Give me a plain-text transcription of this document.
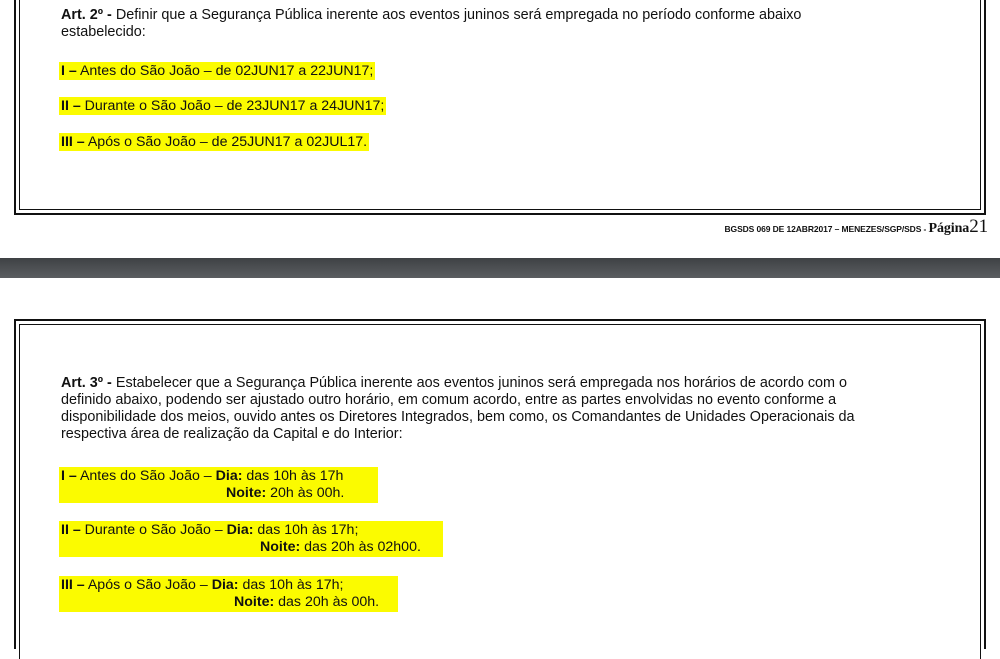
Art. 2º - Definir que a Segurança Pública inerente aos eventos juninos será empregada no período conforme abaixo
estabelecido:
I – Antes do São João – de 02JUN17 a 22JUN17;
II – Durante o São João – de 23JUN17 a 24JUN17;
III – Após o São João – de 25JUN17 a 02JUL17.
BGSDS 069 DE 12ABR2017 – MENEZES/SGP/SDS - Página21
Art. 3º - Estabelecer que a Segurança Pública inerente aos eventos juninos será empregada nos horários de acordo com o
definido abaixo, podendo ser ajustado outro horário, em comum acordo, entre as partes envolvidas no evento conforme a
disponibilidade dos meios, ouvido antes os Diretores Integrados, bem como, os Comandantes de Unidades Operacionais da
respectiva área de realização da Capital e do Interior:
I – Antes do São João – Dia: das 10h às 17h
Noite: 20h às 00h.
II – Durante o São João – Dia: das 10h às 17h;
Noite: das 20h às 02h00.
III – Após o São João – Dia: das 10h às 17h;
Noite: das 20h às 00h.
